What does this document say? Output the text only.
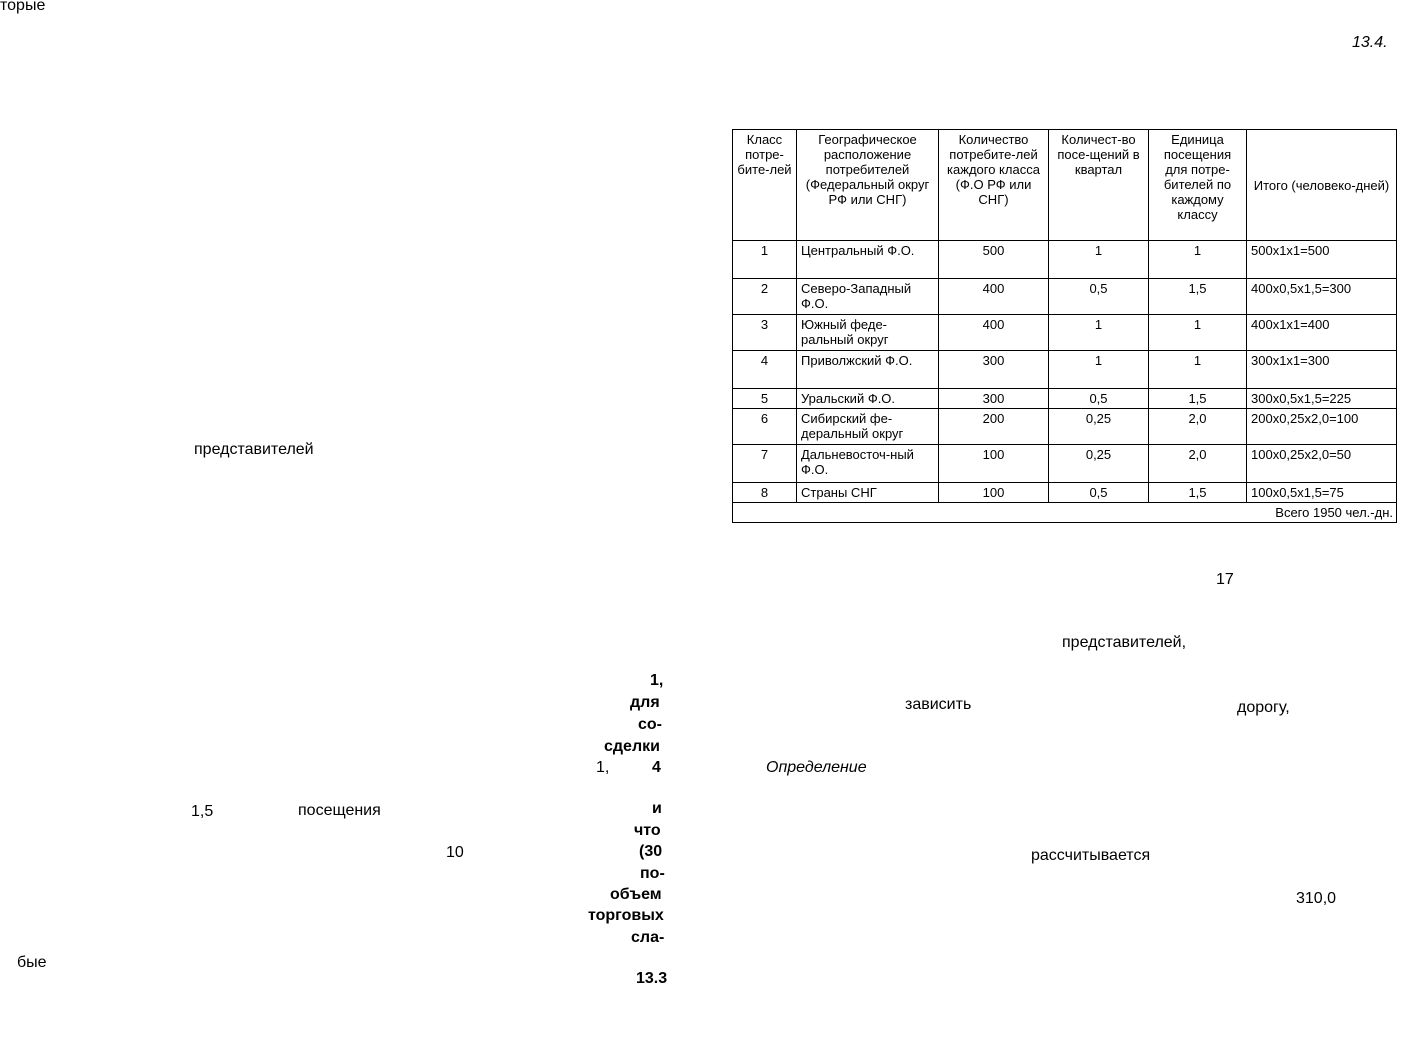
торые
представителей
1,
для
со-
сделки
1,	4
1,5	посещения	и
что
10	(30
по-
объем
торговых
сла-
бые
13.3
13.4.
Класс потре-бите-лей	Географическое расположение потребителей (Федеральный округ РФ или СНГ)	Количество потребите-лей каждого класса (Ф.О РФ или СНГ)	Количест-во посе-щений в квартал	Единица посещения для потре-бителей по каждому классу	Итого (человеко-дней)
1	Центральный Ф.О.	500	1	1	500x1x1=500
2	Северо-Западный Ф.О.	400	0,5	1,5	400x0,5x1,5=300
3	Южный феде-ральный округ	400	1	1	400x1x1=400
4	Приволжский Ф.О.	300	1	1	300x1x1=300
5	Уральский Ф.О.	300	0,5	1,5	300x0,5x1,5=225
6	Сибирский фе-деральный округ	200	0,25	2,0	200x0,25x2,0=100
7	Дальневосточ-ный Ф.О.	100	0,25	2,0	100x0,25x2,0=50
8	Страны СНГ	100	0,5	1,5	100x0,5x1,5=75
Всего 1950 чел.-дн.					
17
представителей,
зависить	дорогу,
Определение
рассчитывается
310,0
